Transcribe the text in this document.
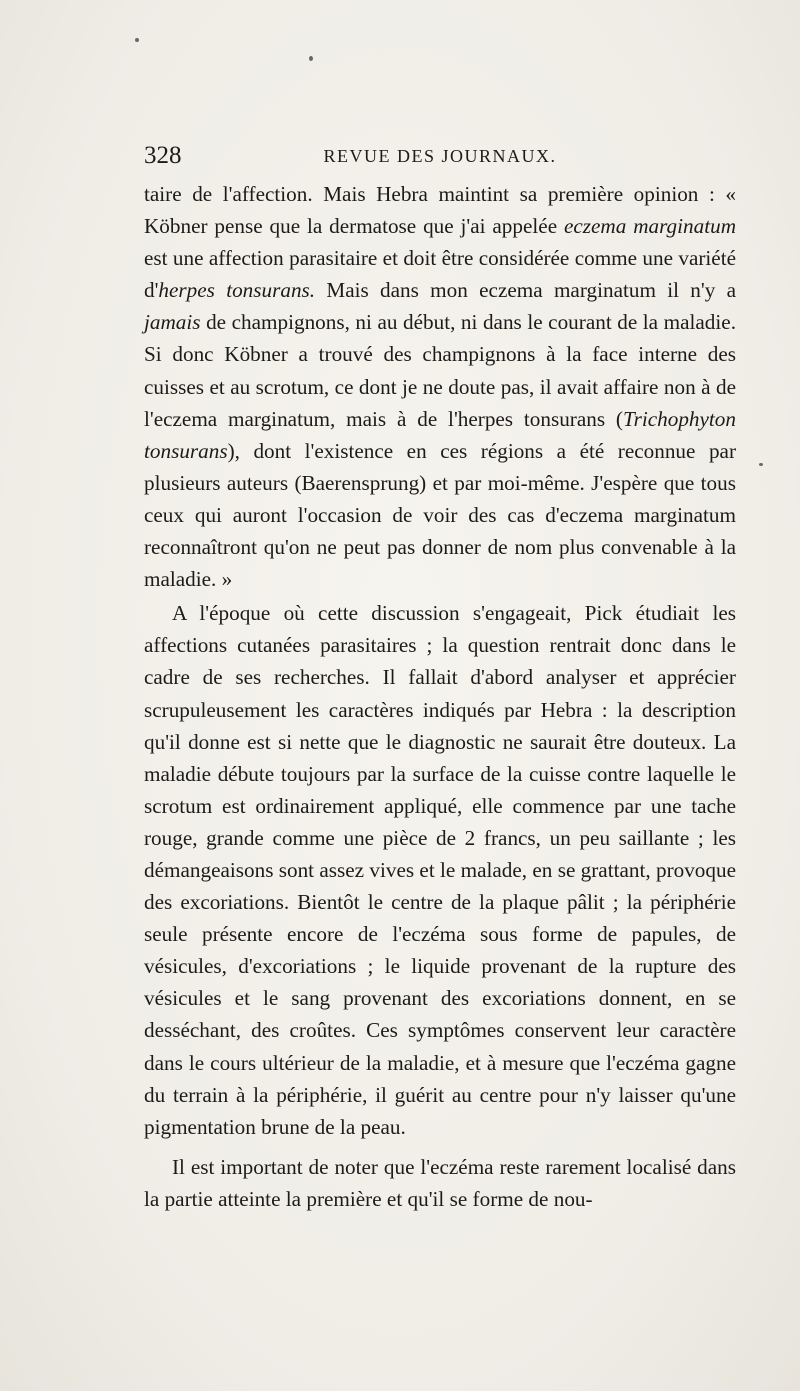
328	REVUE DES JOURNAUX.

taire de l'affection. Mais Hebra maintint sa première opinion : « Köbner pense que la dermatose que j'ai appelée eczema marginatum est une affection parasitaire et doit être considérée comme une variété d'herpes tonsurans. Mais dans mon eczema marginatum il n'y a jamais de champignons, ni au début, ni dans le courant de la maladie. Si donc Köbner a trouvé des champignons à la face interne des cuisses et au scrotum, ce dont je ne doute pas, il avait affaire non à de l'eczema marginatum, mais à de l'herpes tonsurans (Trichophyton tonsurans), dont l'existence en ces régions a été reconnue par plusieurs auteurs (Baerensprung) et par moi-même. J'espère que tous ceux qui auront l'occasion de voir des cas d'eczema marginatum reconnaîtront qu'on ne peut pas donner de nom plus convenable à la maladie. »

A l'époque où cette discussion s'engageait, Pick étudiait les affections cutanées parasitaires ; la question rentrait donc dans le cadre de ses recherches. Il fallait d'abord analyser et apprécier scrupuleusement les caractères indiqués par Hebra : la description qu'il donne est si nette que le diagnostic ne saurait être douteux. La maladie débute toujours par la surface de la cuisse contre laquelle le scrotum est ordinairement appliqué, elle commence par une tache rouge, grande comme une pièce de 2 francs, un peu saillante ; les démangeaisons sont assez vives et le malade, en se grattant, provoque des excoriations. Bientôt le centre de la plaque pâlit ; la périphérie seule présente encore de l'eczéma sous forme de papules, de vésicules, d'excoriations ; le liquide provenant de la rupture des vésicules et le sang provenant des excoriations donnent, en se desséchant, des croûtes. Ces symptômes conservent leur caractère dans le cours ultérieur de la maladie, et à mesure que l'eczéma gagne du terrain à la périphérie, il guérit au centre pour n'y laisser qu'une pigmentation brune de la peau.

Il est important de noter que l'eczéma reste rarement localisé dans la partie atteinte la première et qu'il se forme de nou-
